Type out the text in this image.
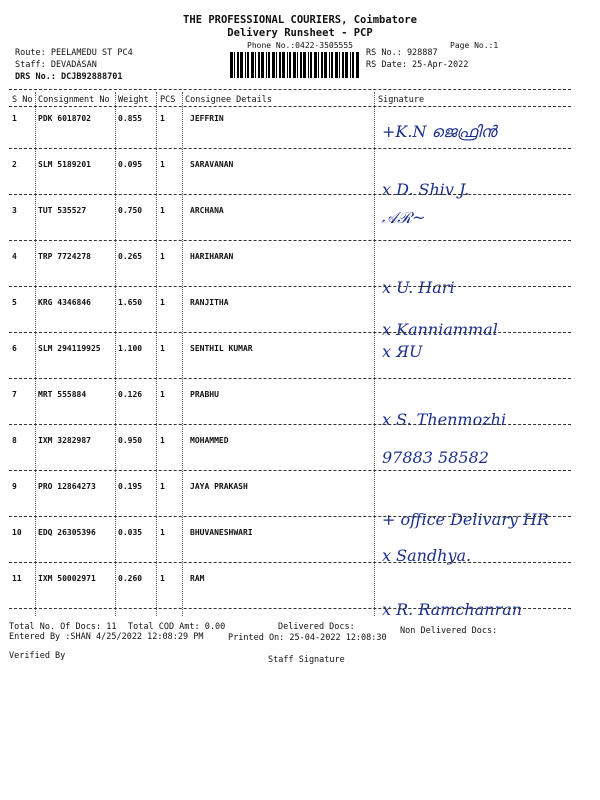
THE PROFESSIONAL COURIERS, Coimbatore
Delivery Runsheet - PCP
Phone No.:0422-3505555	Page No.:1
Route: PEELAMEDU ST PC4
Staff: DEVADASAN
DRS No.: DCJB92888701
RS No.: 928887
RS Date: 25-Apr-2022
S No Consignment No Weight PCS Consignee Details	Signature
1	PDK 6018702	0.855 1	JEFFRIN
+K.N ജെഫ്രിൻ
2	SLM 5189201	0.095 1	SARAVANAN
x D. Shiv J.
3	TUT 535527	0.750 1	ARCHANA	𝒜ℛ~
4	TRP 7724278	0.265 1	HARIHARAN
x U. Hari
5	KRG 4346846	1.650 1	RANJITHA
x Kanniammal
6	SLM 294119925 1.100 1	SENTHIL KUMAR	x ЯU
7	MRT 555884	0.126 1	PRABHU
x S. Thenmozhi
8	IXM 3282987	0.950 1	MOHAMMED
97883 58582
9	PRO 12864273	0.195 1	JAYA PRAKASH
+ office Delivary HR
10 EDQ 26305396	0.035 1	BHUVANESHWARI
x Sandhya.
11 IXM 50002971	0.260 1	RAM
x R. Ramchanran
Total No. Of Docs: 11 Total COD Amt: 0.00	Delivered Docs:	Non Delivered Docs:
Entered By :SHAN 4/25/2022 12:08:29 PM	Printed On: 25-04-2022 12:08:30
Verified By	Staff Signature
